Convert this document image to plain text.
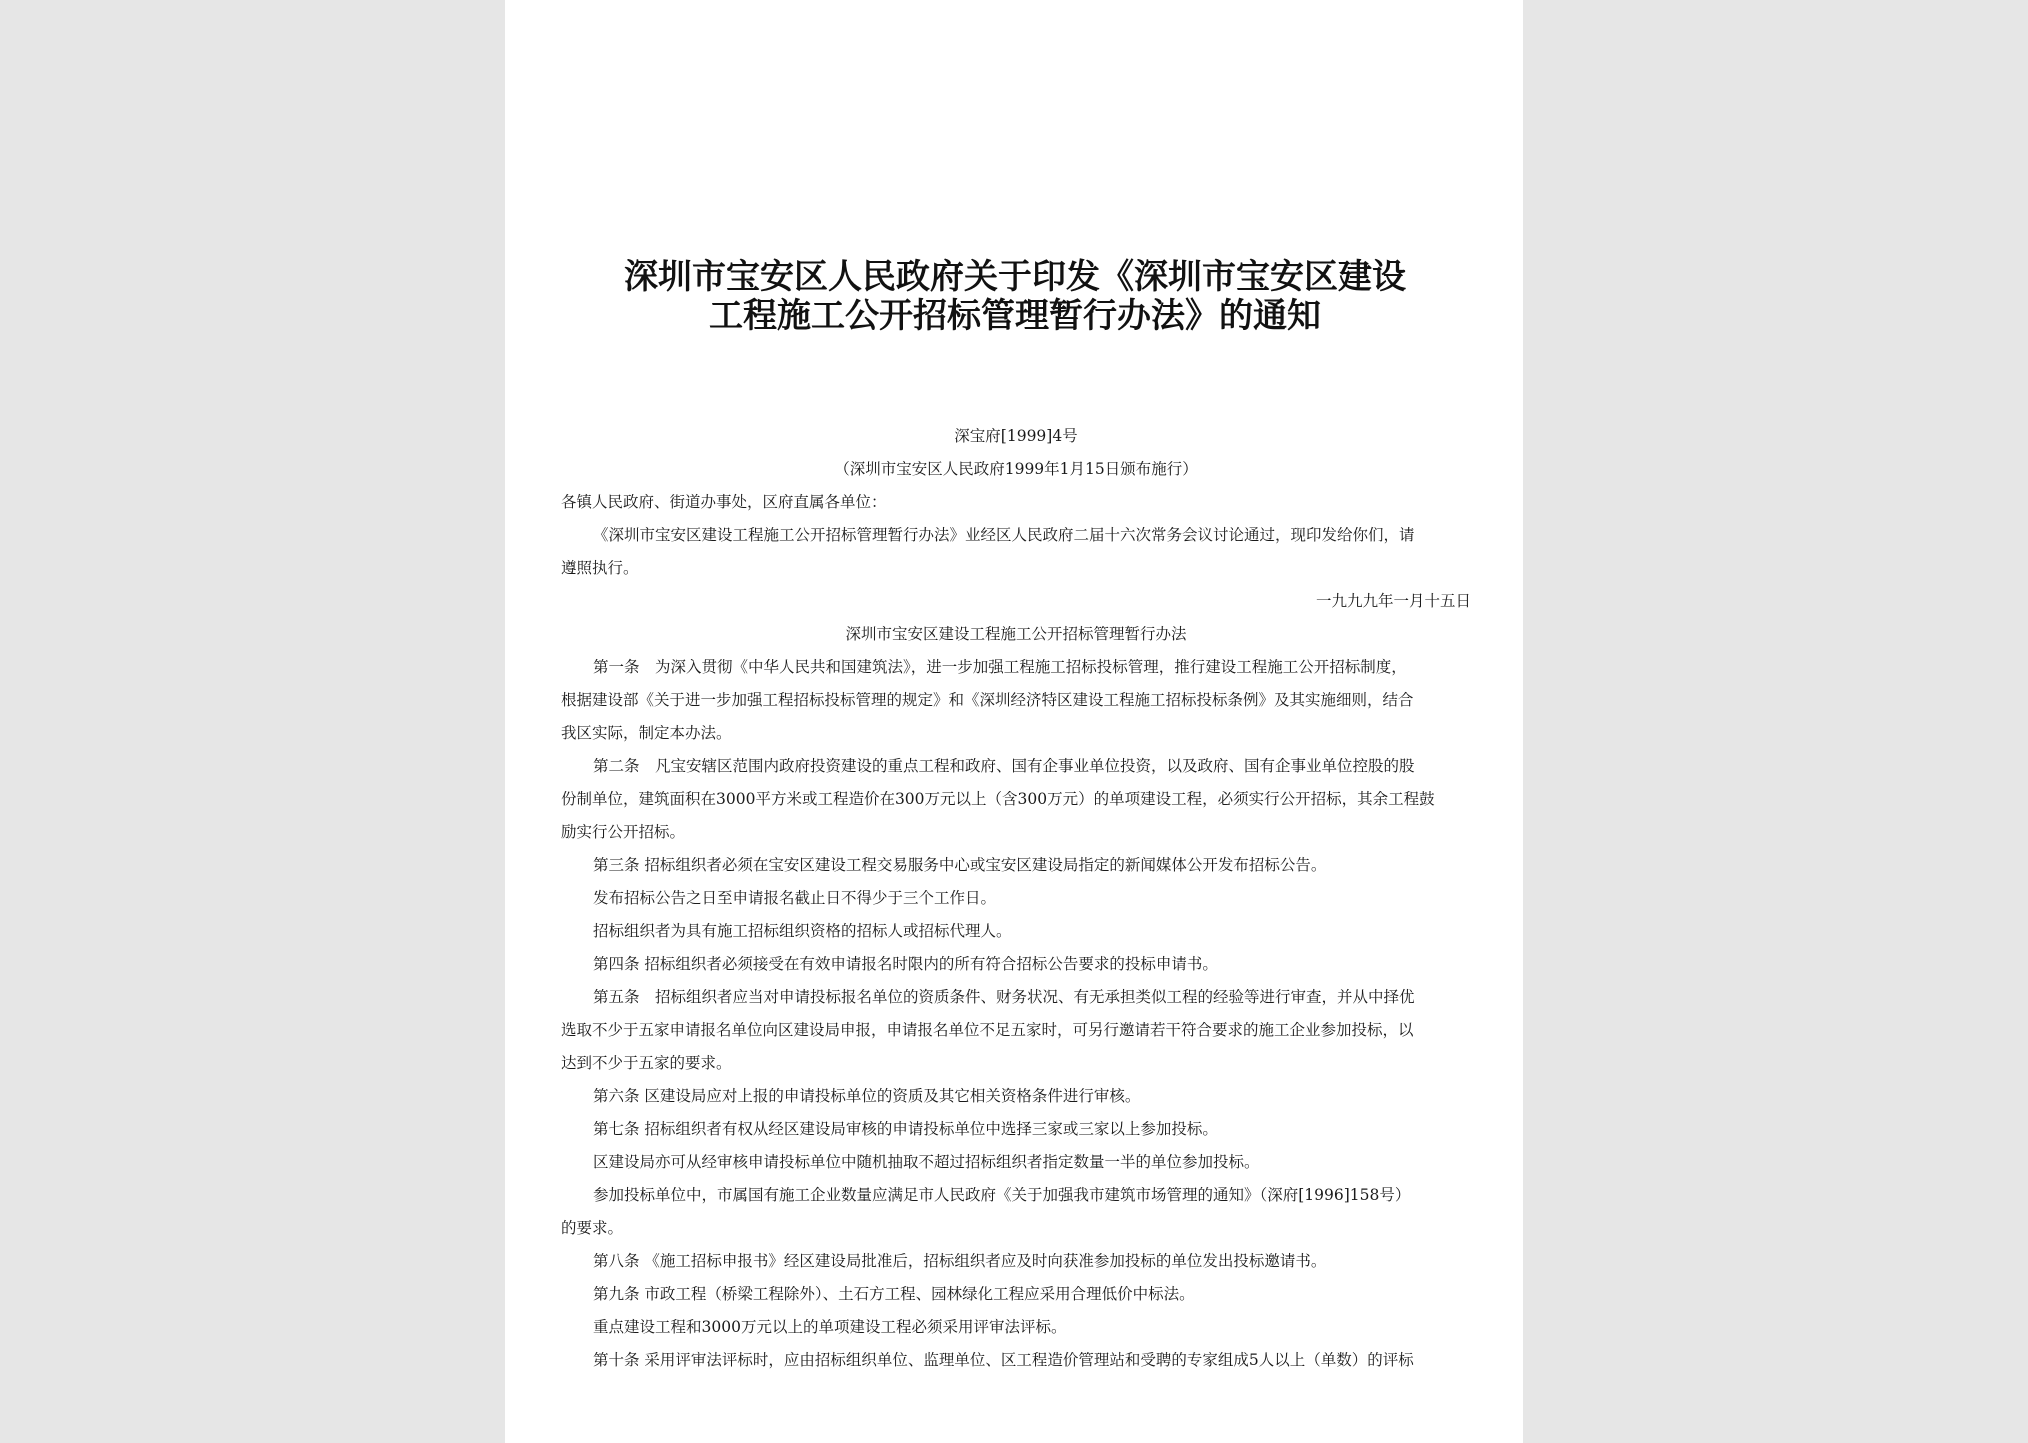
深圳市宝安区人民政府关于印发《深圳市宝安区建设
工程施工公开招标管理暂行办法》的通知
深宝府[1999]4号
（深圳市宝安区人民政府1999年1月15日颁布施行）
各镇人民政府、街道办事处，区府直属各单位：
《深圳市宝安区建设工程施工公开招标管理暂行办法》业经区人民政府二届十六次常务会议讨论通过，现印发给你们，请
遵照执行。
一九九九年一月十五日
深圳市宝安区建设工程施工公开招标管理暂行办法
第一条　为深入贯彻《中华人民共和国建筑法》，进一步加强工程施工招标投标管理，推行建设工程施工公开招标制度，
根据建设部《关于进一步加强工程招标投标管理的规定》和《深圳经济特区建设工程施工招标投标条例》及其实施细则，结合
我区实际，制定本办法。
第二条　凡宝安辖区范围内政府投资建设的重点工程和政府、国有企事业单位投资，以及政府、国有企事业单位控股的股
份制单位，建筑面积在3000平方米或工程造价在300万元以上（含300万元）的单项建设工程，必须实行公开招标，其余工程鼓
励实行公开招标。
第三条 招标组织者必须在宝安区建设工程交易服务中心或宝安区建设局指定的新闻媒体公开发布招标公告。
发布招标公告之日至申请报名截止日不得少于三个工作日。
招标组织者为具有施工招标组织资格的招标人或招标代理人。
第四条 招标组织者必须接受在有效申请报名时限内的所有符合招标公告要求的投标申请书。
第五条　招标组织者应当对申请投标报名单位的资质条件、财务状况、有无承担类似工程的经验等进行审查，并从中择优
选取不少于五家申请报名单位向区建设局申报，申请报名单位不足五家时，可另行邀请若干符合要求的施工企业参加投标，以
达到不少于五家的要求。
第六条 区建设局应对上报的申请投标单位的资质及其它相关资格条件进行审核。
第七条 招标组织者有权从经区建设局审核的申请投标单位中选择三家或三家以上参加投标。
区建设局亦可从经审核申请投标单位中随机抽取不超过招标组织者指定数量一半的单位参加投标。
参加投标单位中，市属国有施工企业数量应满足市人民政府《关于加强我市建筑市场管理的通知》（深府[1996]158号）
的要求。
第八条 《施工招标申报书》经区建设局批准后，招标组织者应及时向获准参加投标的单位发出投标邀请书。
第九条 市政工程（桥梁工程除外）、土石方工程、园林绿化工程应采用合理低价中标法。
重点建设工程和3000万元以上的单项建设工程必须采用评审法评标。
第十条 采用评审法评标时，应由招标组织单位、监理单位、区工程造价管理站和受聘的专家组成5人以上（单数）的评标
